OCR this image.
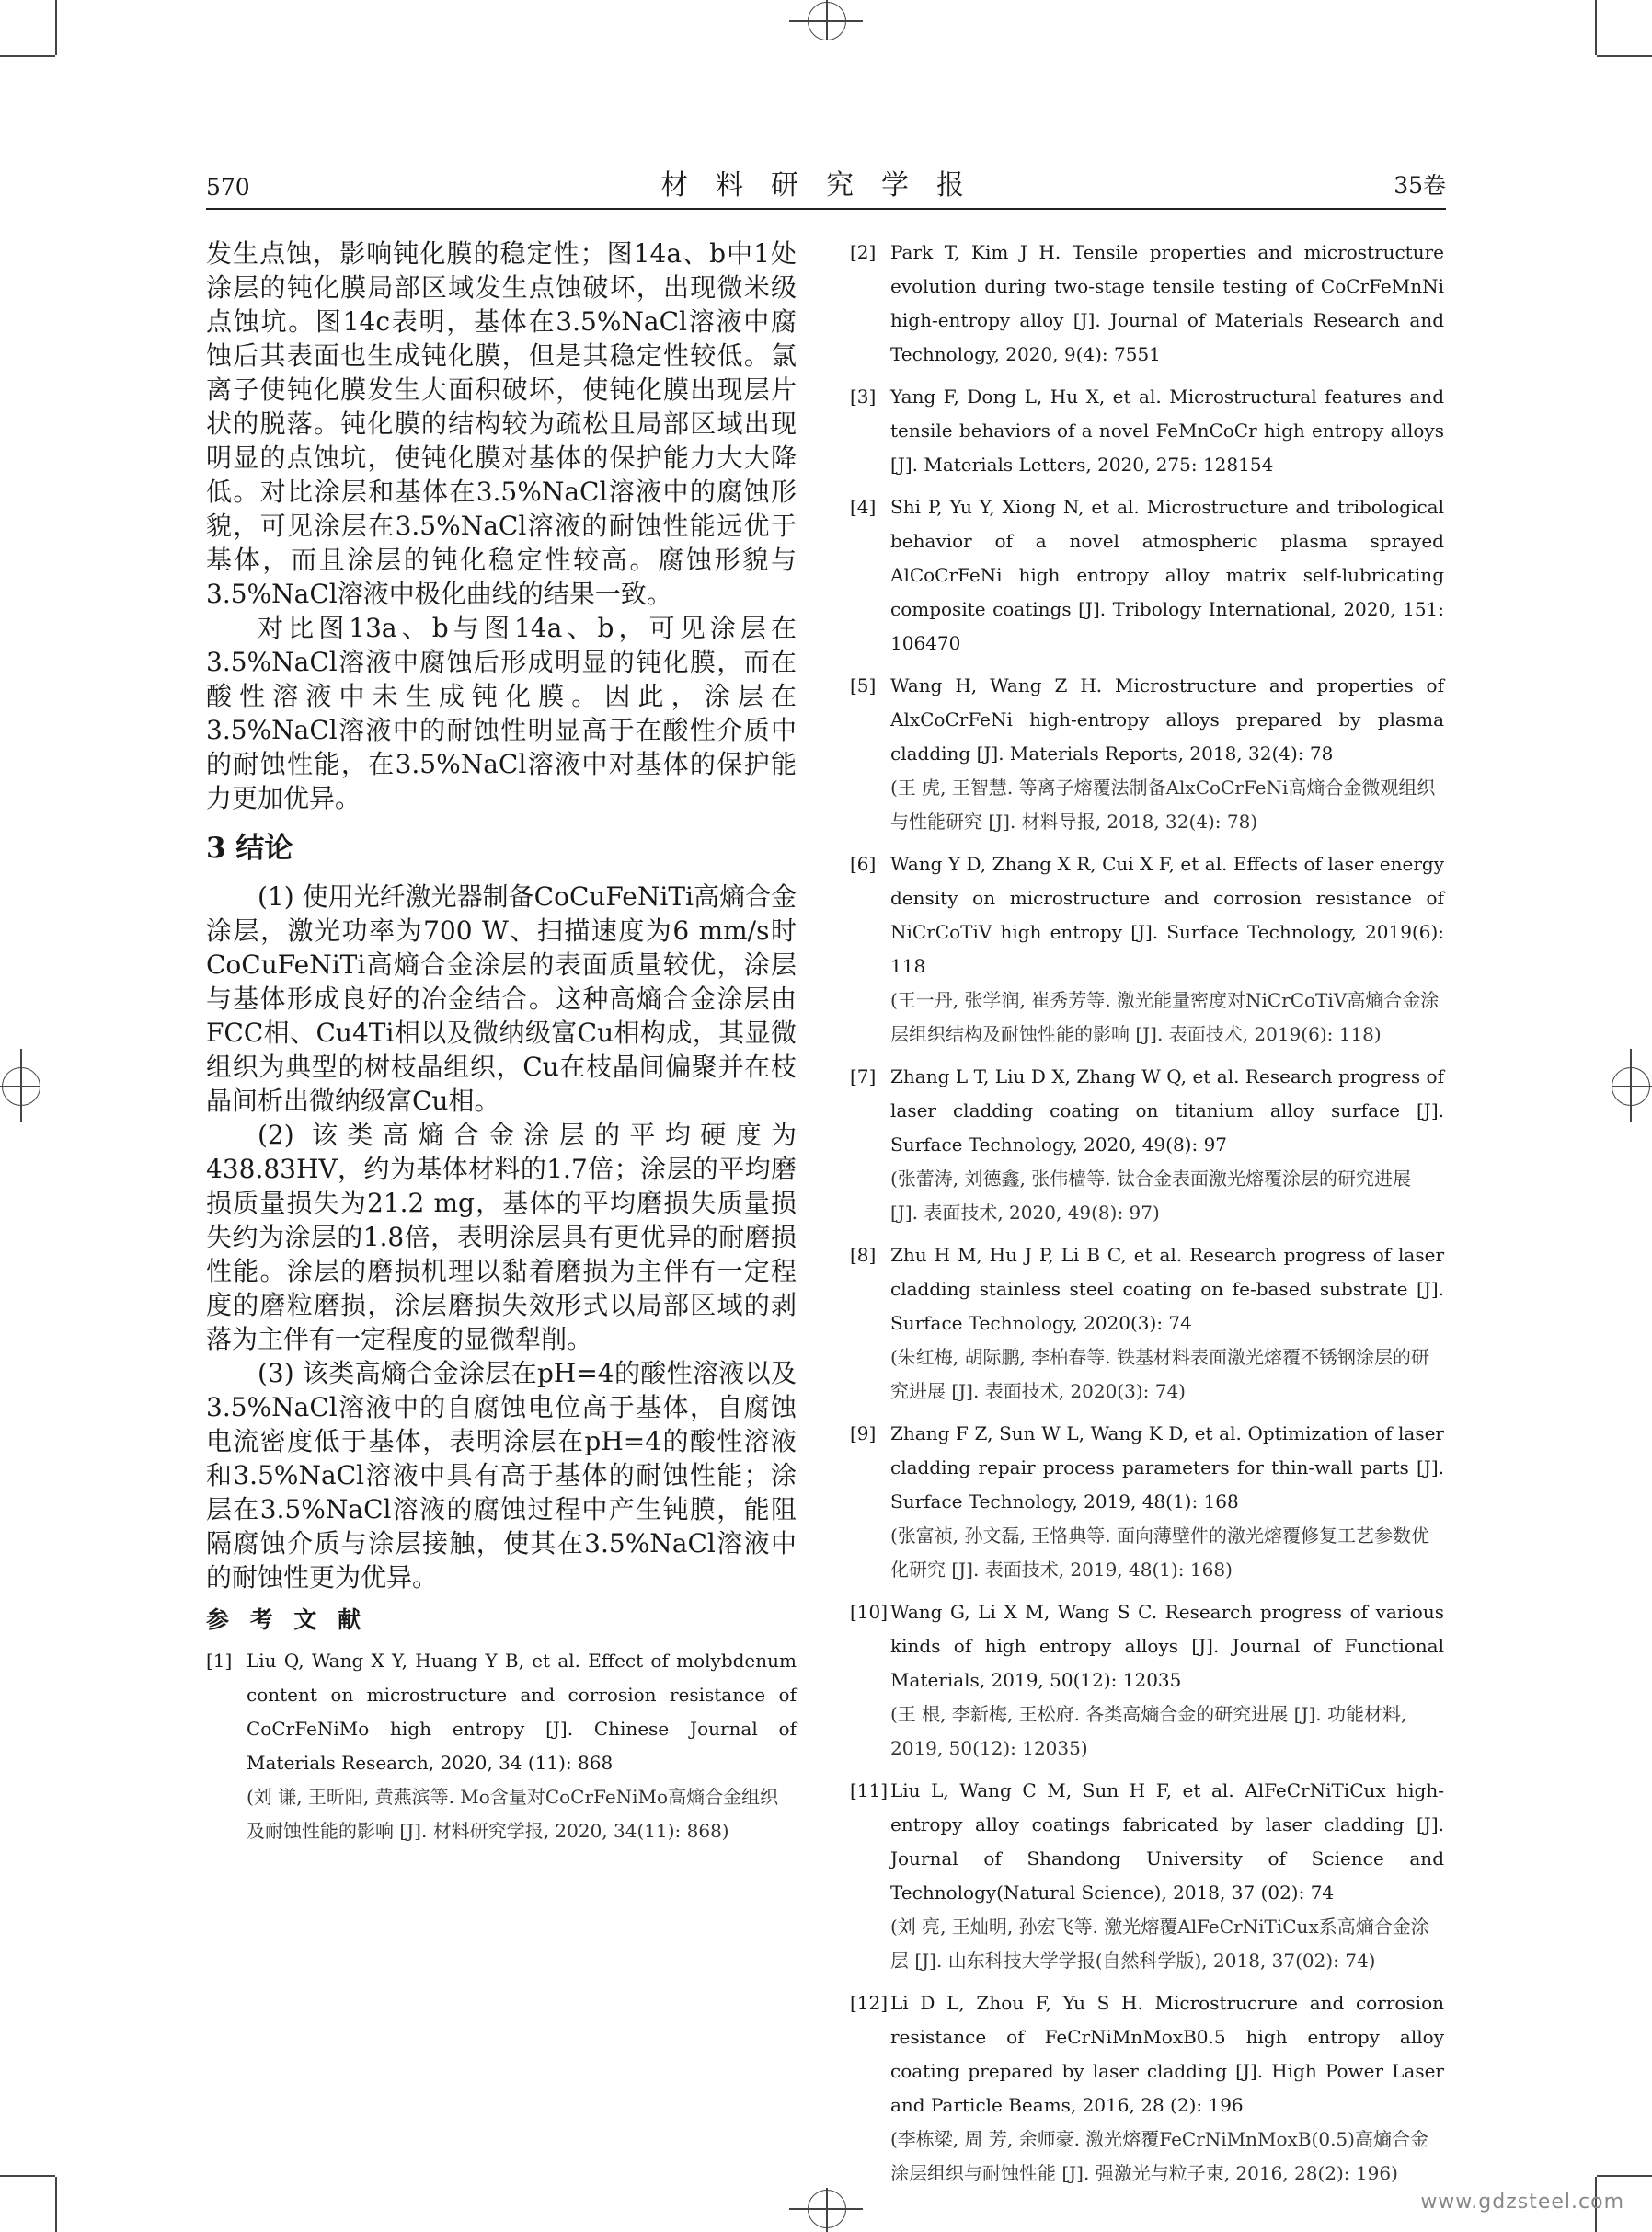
570	材料研究学报	35卷

发生点蚀，影响钝化膜的稳定性；图14a、b中1处涂层的钝化膜局部区域发生点蚀破坏，出现微米级点蚀坑。图14c表明，基体在3.5%NaCl溶液中腐蚀后其表面也生成钝化膜，但是其稳定性较低。氯离子使钝化膜发生大面积破坏，使钝化膜出现层片状的脱落。钝化膜的结构较为疏松且局部区域出现明显的点蚀坑，使钝化膜对基体的保护能力大大降低。对比涂层和基体在3.5%NaCl溶液中的腐蚀形貌，可见涂层在3.5%NaCl溶液的耐蚀性能远优于基体，而且涂层的钝化稳定性较高。腐蚀形貌与3.5%NaCl溶液中极化曲线的结果一致。

对比图13a、b与图14a、b，可见涂层在3.5%NaCl溶液中腐蚀后形成明显的钝化膜，而在酸性溶液中未生成钝化膜。因此，涂层在3.5%NaCl溶液中的耐蚀性明显高于在酸性介质中的耐蚀性能，在3.5%NaCl溶液中对基体的保护能力更加优异。

3 结论

(1) 使用光纤激光器制备CoCuFeNiTi高熵合金涂层，激光功率为700 W、扫描速度为6 mm/s时CoCuFeNiTi高熵合金涂层的表面质量较优，涂层与基体形成良好的冶金结合。这种高熵合金涂层由FCC相、Cu4Ti相以及微纳级富Cu相构成，其显微组织为典型的树枝晶组织，Cu在枝晶间偏聚并在枝晶间析出微纳级富Cu相。

(2) 该类高熵合金涂层的平均硬度为438.83HV，约为基体材料的1.7倍；涂层的平均磨损质量损失为21.2 mg，基体的平均磨损失质量损失约为涂层的1.8倍，表明涂层具有更优异的耐磨损性能。涂层的磨损机理以黏着磨损为主伴有一定程度的磨粒磨损，涂层磨损失效形式以局部区域的剥落为主伴有一定程度的显微犁削。

(3) 该类高熵合金涂层在pH=4的酸性溶液以及3.5%NaCl溶液中的自腐蚀电位高于基体，自腐蚀电流密度低于基体，表明涂层在pH=4的酸性溶液和3.5%NaCl溶液中具有高于基体的耐蚀性能；涂层在3.5%NaCl溶液的腐蚀过程中产生钝膜，能阻隔腐蚀介质与涂层接触，使其在3.5%NaCl溶液中的耐蚀性更为优异。

参 考 文 献
[1] Liu Q, Wang X Y, Huang Y B, et al. Effect of molybdenum content on microstructure and corrosion resistance of CoCrFeNiMo high entropy [J]. Chinese Journal of Materials Research, 2020, 34 (11): 868
(刘 谦, 王昕阳, 黄燕滨等. Mo含量对CoCrFeNiMo高熵合金组织及耐蚀性能的影响 [J]. 材料研究学报, 2020, 34(11): 868)
[2] Park T, Kim J H. Tensile properties and microstructure evolution during two-stage tensile testing of CoCrFeMnNi high-entropy alloy [J]. Journal of Materials Research and Technology, 2020, 9(4): 7551
[3] Yang F, Dong L, Hu X, et al. Microstructural features and tensile behaviors of a novel FeMnCoCr high entropy alloys [J]. Materials Letters, 2020, 275: 128154
[4] Shi P, Yu Y, Xiong N, et al. Microstructure and tribological behavior of a novel atmospheric plasma sprayed AlCoCrFeNi high entropy alloy matrix self-lubricating composite coatings [J]. Tribology International, 2020, 151: 106470
[5] Wang H, Wang Z H. Microstructure and properties of AlxCoCrFeNi high-entropy alloys prepared by plasma cladding [J]. Materials Reports, 2018, 32(4): 78
(王 虎, 王智慧. 等离子熔覆法制备AlxCoCrFeNi高熵合金微观组织与性能研究 [J]. 材料导报, 2018, 32(4): 78)
[6] Wang Y D, Zhang X R, Cui X F, et al. Effects of laser energy density on microstructure and corrosion resistance of NiCrCoTiV high entropy [J]. Surface Technology, 2019(6): 118
(王一丹, 张学润, 崔秀芳等. 激光能量密度对NiCrCoTiV高熵合金涂层组织结构及耐蚀性能的影响 [J]. 表面技术, 2019(6): 118)
[7] Zhang L T, Liu D X, Zhang W Q, et al. Research progress of laser cladding coating on titanium alloy surface [J]. Surface Technology, 2020, 49(8): 97
(张蕾涛, 刘德鑫, 张伟樯等. 钛合金表面激光熔覆涂层的研究进展 [J]. 表面技术, 2020, 49(8): 97)
[8] Zhu H M, Hu J P, Li B C, et al. Research progress of laser cladding stainless steel coating on fe-based substrate [J]. Surface Technology, 2020(3): 74
(朱红梅, 胡际鹏, 李柏春等. 铁基材料表面激光熔覆不锈钢涂层的研究进展 [J]. 表面技术, 2020(3): 74)
[9] Zhang F Z, Sun W L, Wang K D, et al. Optimization of laser cladding repair process parameters for thin-wall parts [J]. Surface Technology, 2019, 48(1): 168
(张富祯, 孙文磊, 王恪典等. 面向薄壁件的激光熔覆修复工艺参数优化研究 [J]. 表面技术, 2019, 48(1): 168)
[10] Wang G, Li X M, Wang S C. Research progress of various kinds of high entropy alloys [J]. Journal of Functional Materials, 2019, 50(12): 12035
(王 根, 李新梅, 王松府. 各类高熵合金的研究进展 [J]. 功能材料, 2019, 50(12): 12035)
[11] Liu L, Wang C M, Sun H F, et al. AlFeCrNiTiCux high-entropy alloy coatings fabricated by laser cladding [J]. Journal of Shandong University of Science and Technology(Natural Science), 2018, 37 (02): 74
(刘 亮, 王灿明, 孙宏飞等. 激光熔覆AlFeCrNiTiCux系高熵合金涂层 [J]. 山东科技大学学报(自然科学版), 2018, 37(02): 74)
[12] Li D L, Zhou F, Yu S H. Microstrucrure and corrosion resistance of FeCrNiMnMoxB0.5 high entropy alloy coating prepared by laser cladding [J]. High Power Laser and Particle Beams, 2016, 28 (2): 196
(李栋梁, 周 芳, 余师豪. 激光熔覆FeCrNiMnMoxB(0.5)高熵合金涂层组织与耐蚀性能 [J]. 强激光与粒子束, 2016, 28(2): 196)
www.gdzsteel.com
